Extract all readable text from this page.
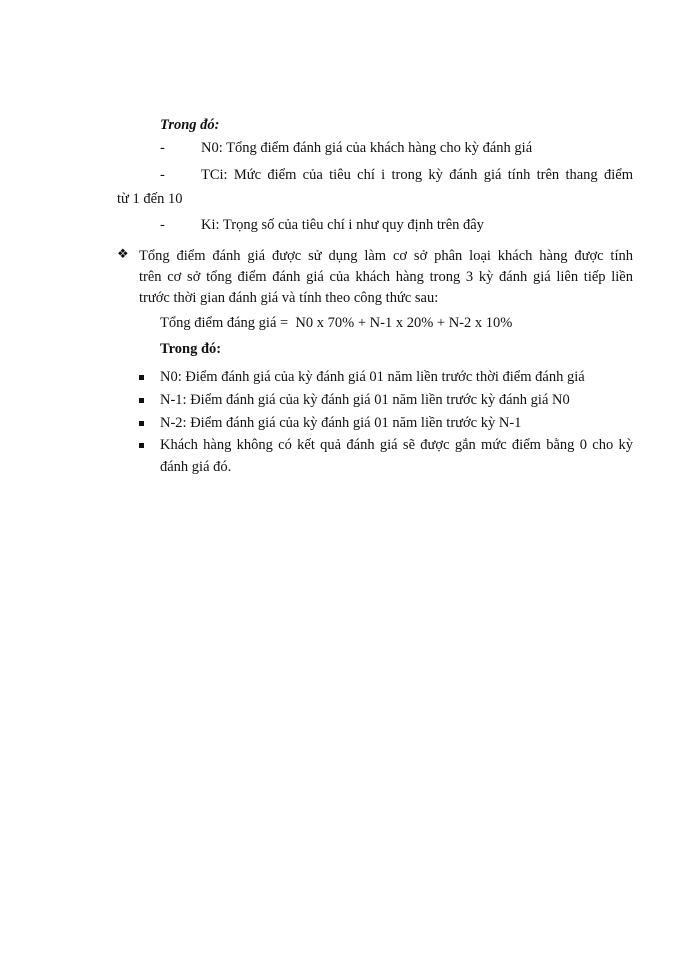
Trong đó:
- N0: Tổng điểm đánh giá của khách hàng cho kỳ đánh giá
- TCi: Mức điểm của tiêu chí i trong kỳ đánh giá tính trên thang điểm
từ 1 đến 10
- Ki: Trọng số của tiêu chí i như quy định trên đây
❖ Tổng điểm đánh giá được sử dụng làm cơ sở phân loại khách hàng được tính
trên cơ sở tổng điểm đánh giá của khách hàng trong 3 kỳ đánh giá liên tiếp liền
trước thời gian đánh giá và tính theo công thức sau:
Tổng điểm đáng giá =  N0 x 70% + N-1 x 20% + N-2 x 10%
Trong đó:
N0: Điểm đánh giá của kỳ đánh giá 01 năm liền trước thời điểm đánh giá
N-1: Điểm đánh giá của kỳ đánh giá 01 năm liền trước kỳ đánh giá N0
N-2: Điểm đánh giá của kỳ đánh giá 01 năm liền trước kỳ N-1
Khách hàng không có kết quả đánh giá sẽ được gắn mức điểm bằng 0 cho kỳ
đánh giá đó.
